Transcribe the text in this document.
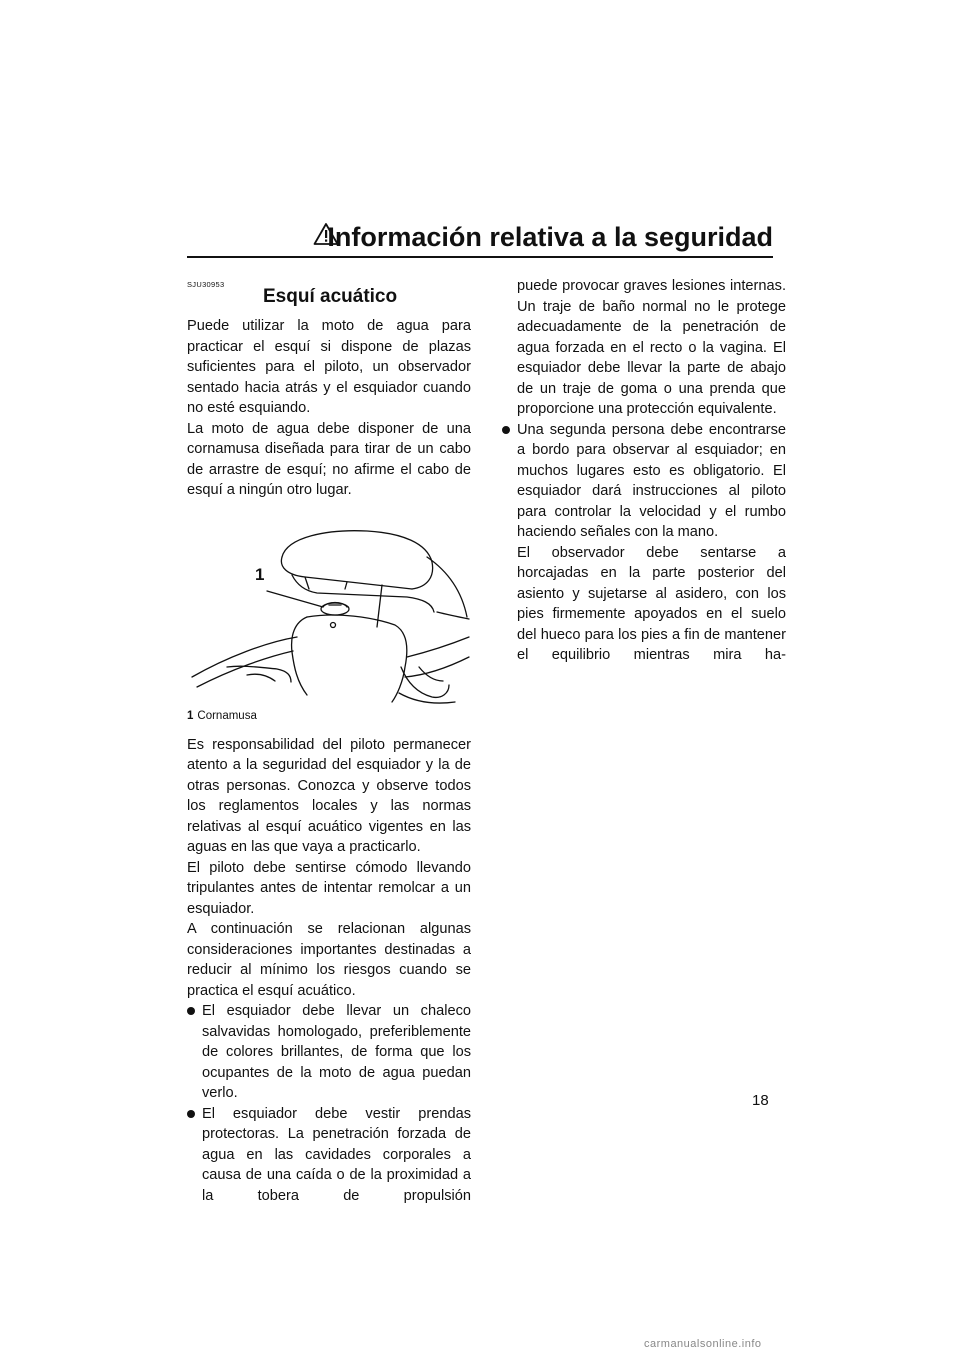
Información relativa a la seguridad
SJU30953
Esquí acuático

Puede utilizar la moto de agua para practicar el esquí si dispone de plazas suficientes para el piloto, un observador sentado hacia atrás y el esquiador cuando no esté esquiando.

La moto de agua debe disponer de una cornamusa diseñada para tirar de un cabo de arrastre de esquí; no afirme el cabo de esquí a ningún otro lugar.

1
1 Cornamusa

Es responsabilidad del piloto permanecer atento a la seguridad del esquiador y la de otras personas. Conozca y observe todos los reglamentos locales y las normas relativas al esquí acuático vigentes en las aguas en las que vaya a practicarlo.

El piloto debe sentirse cómodo llevando tripulantes antes de intentar remolcar a un esquiador.

A continuación se relacionan algunas consideraciones importantes destinadas a reducir al mínimo los riesgos cuando se practica el esquí acuático.

El esquiador debe llevar un chaleco salvavidas homologado, preferiblemente de colores brillantes, de forma que los ocupantes de la moto de agua puedan verlo.

El esquiador debe vestir prendas protectoras. La penetración forzada de agua en las cavidades corporales a causa de una caída o de la proximidad a la tobera de propulsión

puede provocar graves lesiones internas. Un traje de baño normal no le protege adecuadamente de la penetración de agua forzada en el recto o la vagina. El esquiador debe llevar la parte de abajo de un traje de goma o una prenda que proporcione una protección equivalente.

Una segunda persona debe encontrarse a bordo para observar al esquiador; en muchos lugares esto es obligatorio. El esquiador dará instrucciones al piloto para controlar la velocidad y el rumbo haciendo señales con la mano.

El observador debe sentarse a horcajadas en la parte posterior del asiento y sujetarse al asidero, con los pies firmemente apoyados en el suelo del hueco para los pies a fin de mantener el equilibrio mientras mira ha-

18
carmanualsonline.info
